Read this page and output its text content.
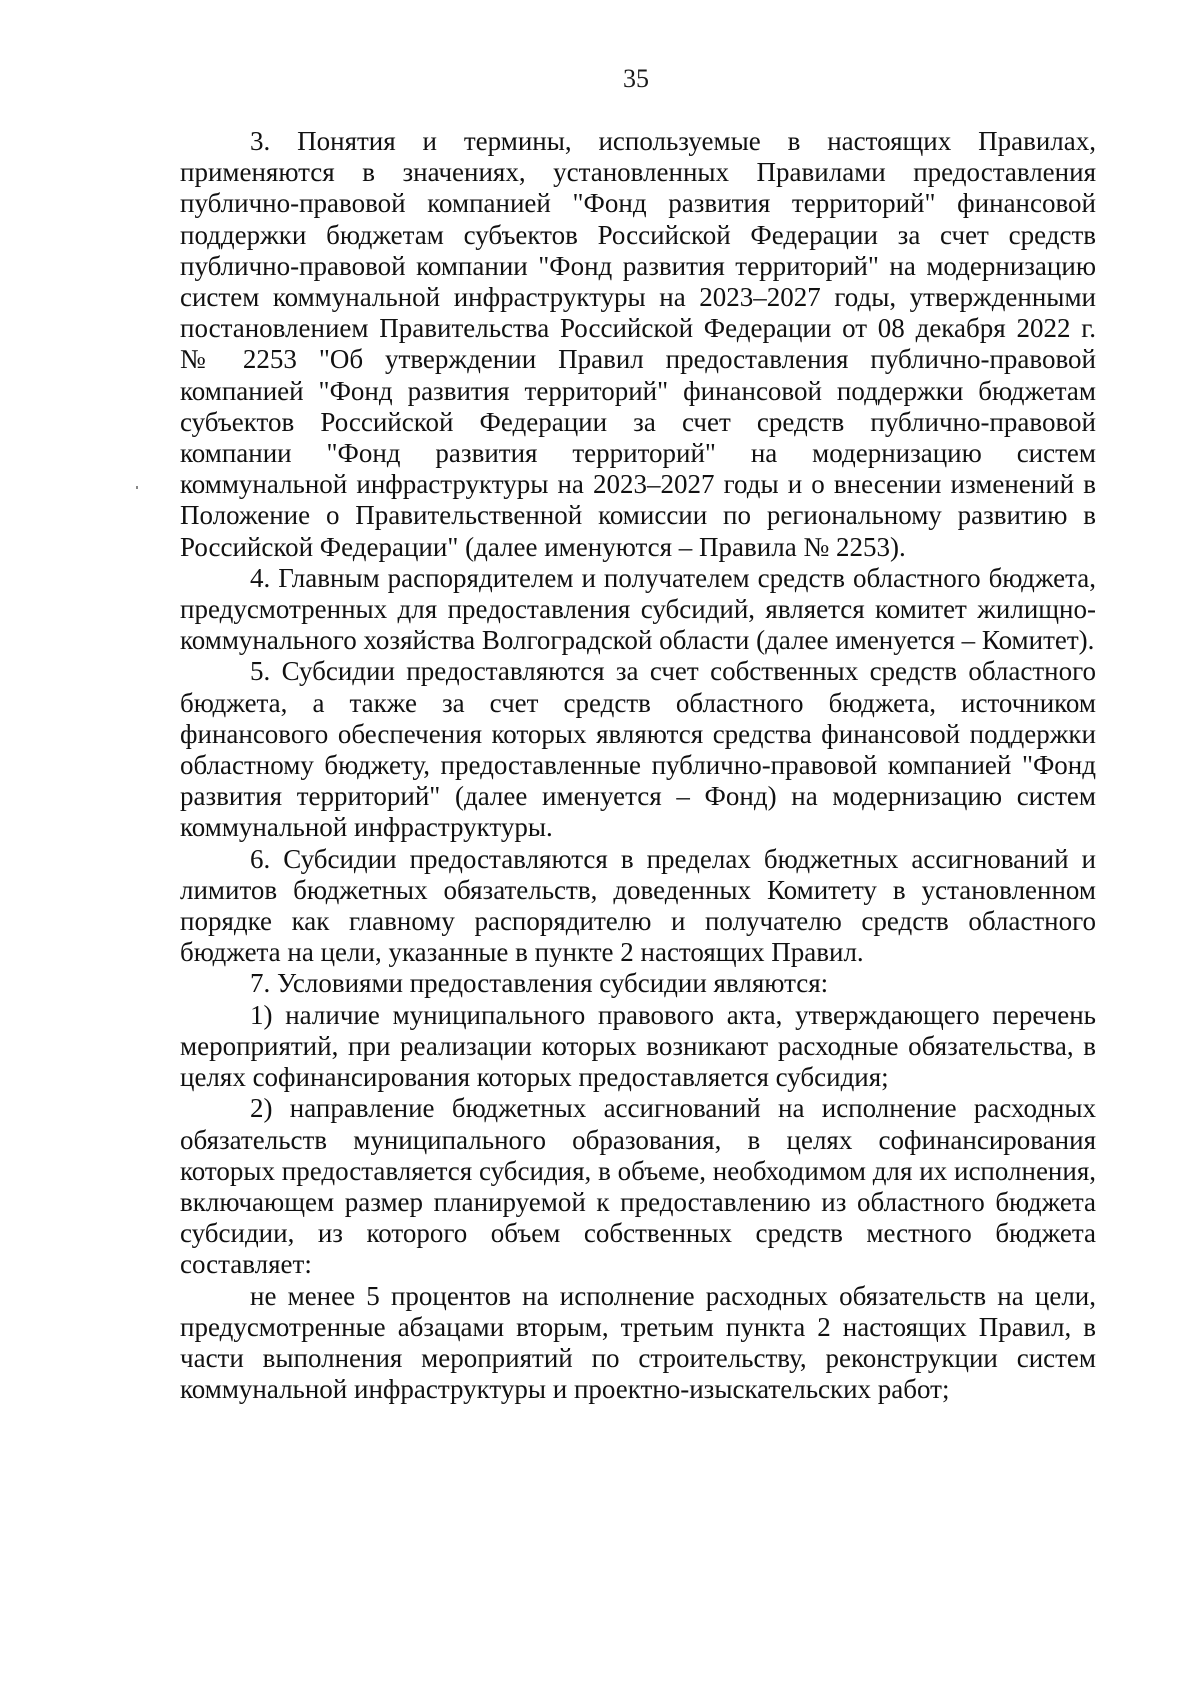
35

3. Понятия и термины, используемые в настоящих Правилах, применяются в значениях, установленных Правилами предоставления публично-правовой компанией "Фонд развития территорий" финансовой поддержки бюджетам субъектов Российской Федерации за счет средств публично-правовой компании "Фонд развития территорий" на модернизацию систем коммунальной инфраструктуры на 2023–2027 годы, утвержденными постановлением Правительства Российской Федерации от 08 декабря 2022 г. № 2253 "Об утверждении Правил предоставления публично-правовой компанией "Фонд развития территорий" финансовой поддержки бюджетам субъектов Российской Федерации за счет средств публично-правовой компании "Фонд развития территорий" на модернизацию систем коммунальной инфраструктуры на 2023–2027 годы и о внесении изменений в Положение о Правительственной комиссии по региональному развитию в Российской Федерации" (далее именуются – Правила № 2253).

4. Главным распорядителем и получателем средств областного бюджета, предусмотренных для предоставления субсидий, является комитет жилищно-коммунального хозяйства Волгоградской области (далее именуется – Комитет).

5. Субсидии предоставляются за счет собственных средств областного бюджета, а также за счет средств областного бюджета, источником финансового обеспечения которых являются средства финансовой поддержки областному бюджету, предоставленные публично-правовой компанией "Фонд развития территорий" (далее именуется – Фонд) на модернизацию систем коммунальной инфраструктуры.

6. Субсидии предоставляются в пределах бюджетных ассигнований и лимитов бюджетных обязательств, доведенных Комитету в установленном порядке как главному распорядителю и получателю средств областного бюджета на цели, указанные в пункте 2 настоящих Правил.

7. Условиями предоставления субсидии являются:

1) наличие муниципального правового акта, утверждающего перечень мероприятий, при реализации которых возникают расходные обязательства, в целях софинансирования которых предоставляется субсидия;

2) направление бюджетных ассигнований на исполнение расходных обязательств муниципального образования, в целях софинансирования которых предоставляется субсидия, в объеме, необходимом для их исполнения, включающем размер планируемой к предоставлению из областного бюджета субсидии, из которого объем собственных средств местного бюджета составляет:

не менее 5 процентов на исполнение расходных обязательств на цели, предусмотренные абзацами вторым, третьим пункта 2 настоящих Правил, в части выполнения мероприятий по строительству, реконструкции систем коммунальной инфраструктуры и проектно-изыскательских работ;
